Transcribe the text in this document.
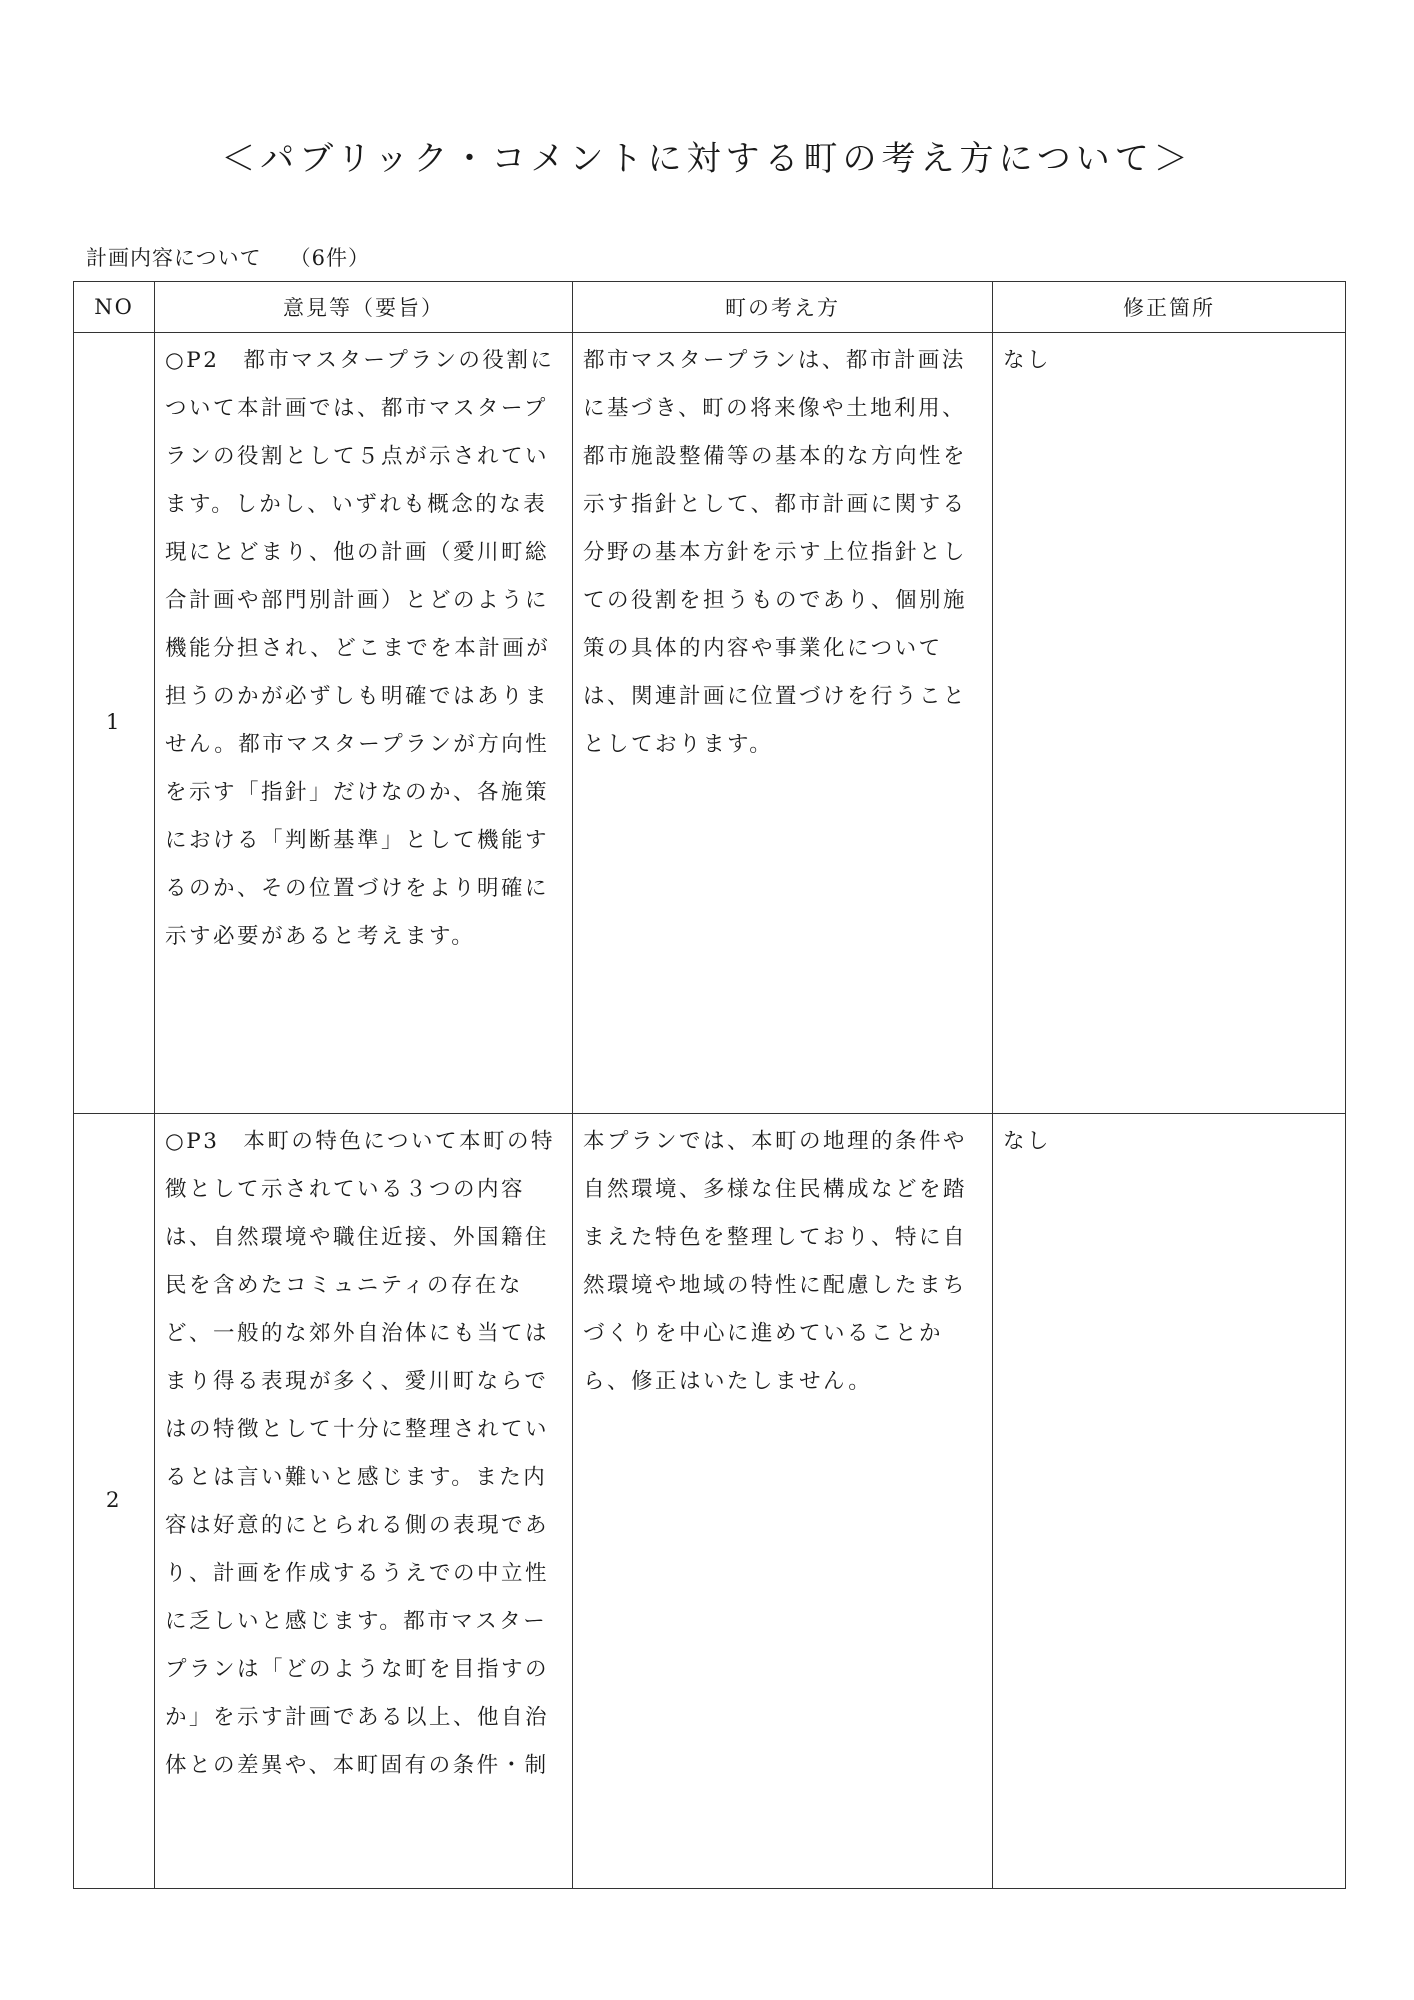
＜パブリック・コメントに対する町の考え方について＞
計画内容について （6件）
NO	意見等（要旨）	町の考え方	修正箇所
1	○P2　都市マスタープランの役割について本計画では、都市マスタープランの役割として５点が示されています。しかし、いずれも概念的な表現にとどまり、他の計画（愛川町総合計画や部門別計画）とどのように機能分担され、どこまでを本計画が担うのかが必ずしも明確ではありません。都市マスタープランが方向性を示す「指針」だけなのか、各施策における「判断基準」として機能するのか、その位置づけをより明確に示す必要があると考えます。	都市マスタープランは、都市計画法に基づき、町の将来像や土地利用、都市施設整備等の基本的な方向性を示す指針として、都市計画に関する分野の基本方針を示す上位指針としての役割を担うものであり、個別施策の具体的内容や事業化については、関連計画に位置づけを行うこととしております。	なし
2	○P3　本町の特色について本町の特徴として示されている３つの内容は、自然環境や職住近接、外国籍住民を含めたコミュニティの存在など、一般的な郊外自治体にも当てはまり得る表現が多く、愛川町ならではの特徴として十分に整理されているとは言い難いと感じます。また内容は好意的にとられる側の表現であり、計画を作成するうえでの中立性に乏しいと感じます。都市マスタープランは「どのような町を目指すのか」を示す計画である以上、他自治体との差異や、本町固有の条件・制	本プランでは、本町の地理的条件や自然環境、多様な住民構成などを踏まえた特色を整理しており、特に自然環境や地域の特性に配慮したまちづくりを中心に進めていることから、修正はいたしません。	なし
